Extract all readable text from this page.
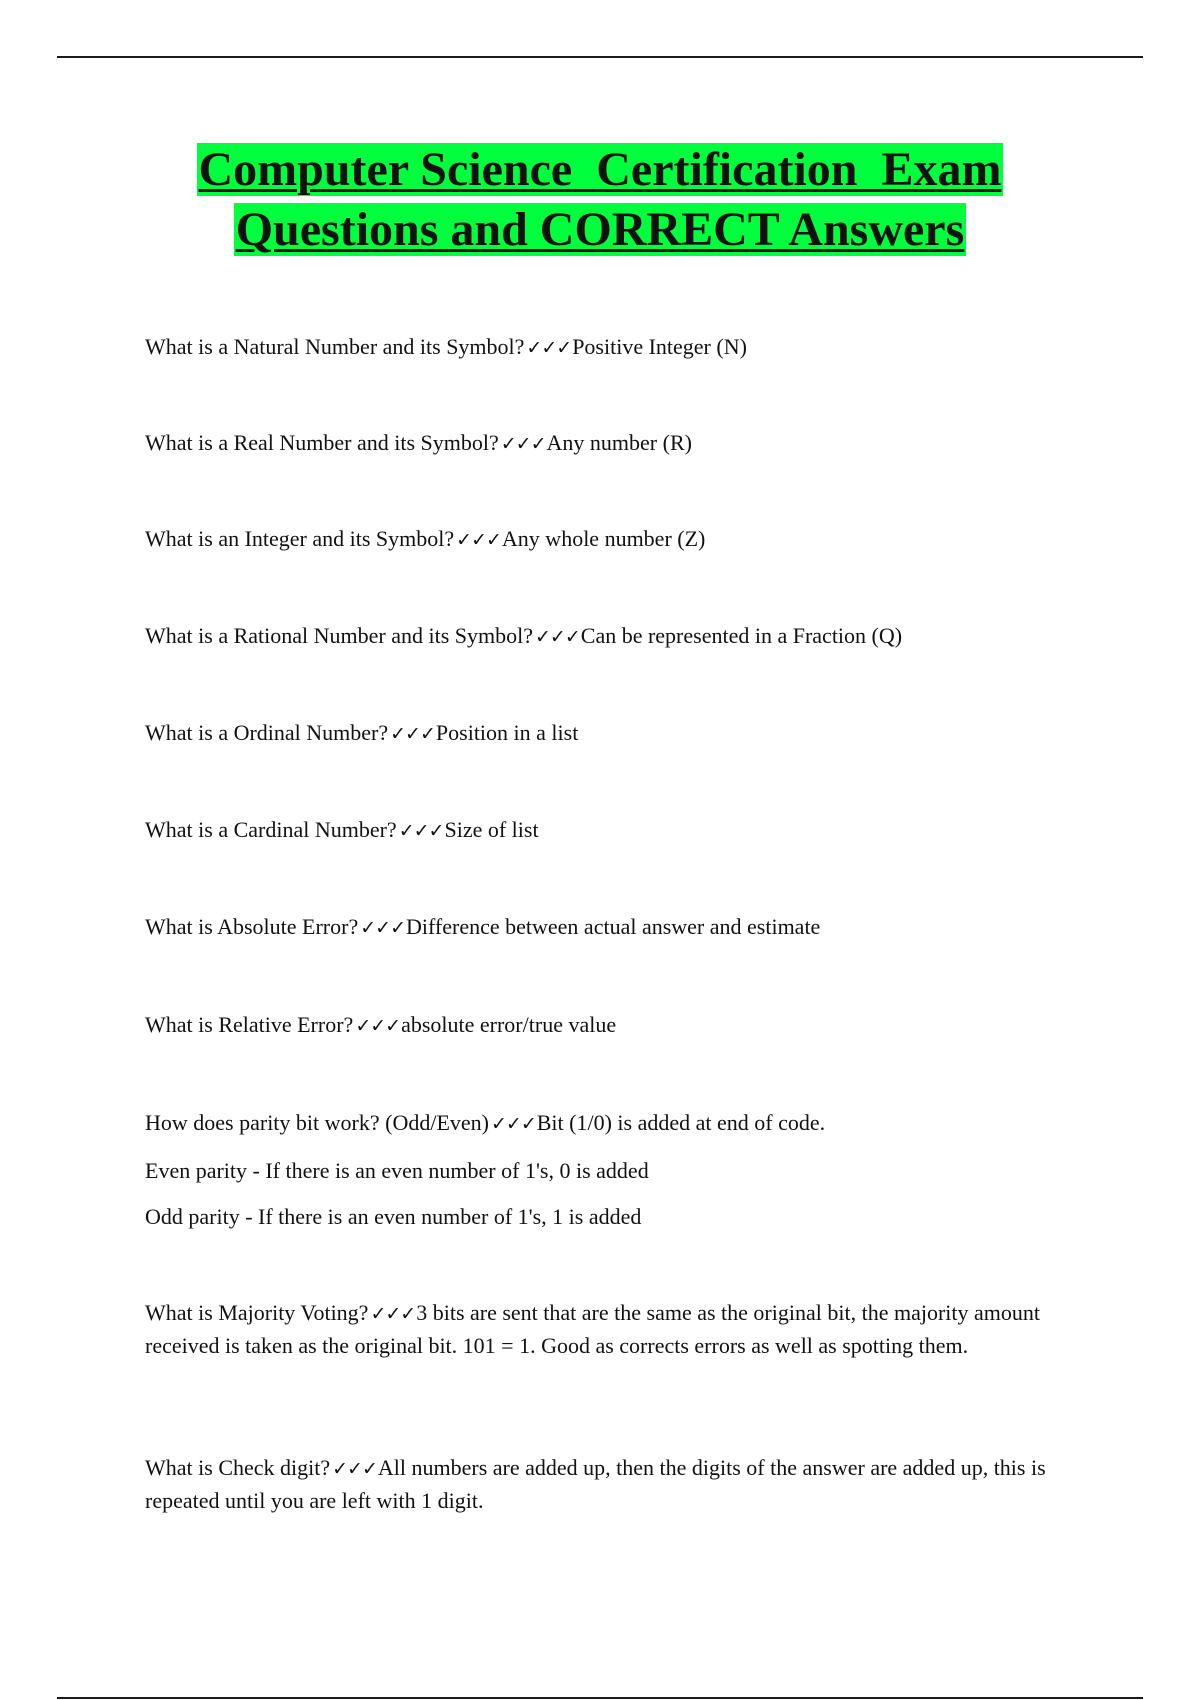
Computer Science  Certification  Exam
Questions and CORRECT Answers

What is a Natural Number and its Symbol? ✓✓✓Positive Integer (N)

What is a Real Number and its Symbol? ✓✓✓Any number (R)

What is an Integer and its Symbol? ✓✓✓Any whole number (Z)

What is a Rational Number and its Symbol? ✓✓✓Can be represented in a Fraction (Q)

What is a Ordinal Number? ✓✓✓Position in a list

What is a Cardinal Number? ✓✓✓Size of list

What is Absolute Error? ✓✓✓Difference between actual answer and estimate

What is Relative Error? ✓✓✓absolute error/true value

How does parity bit work? (Odd/Even) ✓✓✓Bit (1/0) is added at end of code.

Even parity - If there is an even number of 1's, 0 is added

Odd parity - If there is an even number of 1's, 1 is added

What is Majority Voting? ✓✓✓3 bits are sent that are the same as the original bit, the majority amount received is taken as the original bit. 101 = 1. Good as corrects errors as well as spotting them.

What is Check digit? ✓✓✓All numbers are added up, then the digits of the answer are added up, this is repeated until you are left with 1 digit.
